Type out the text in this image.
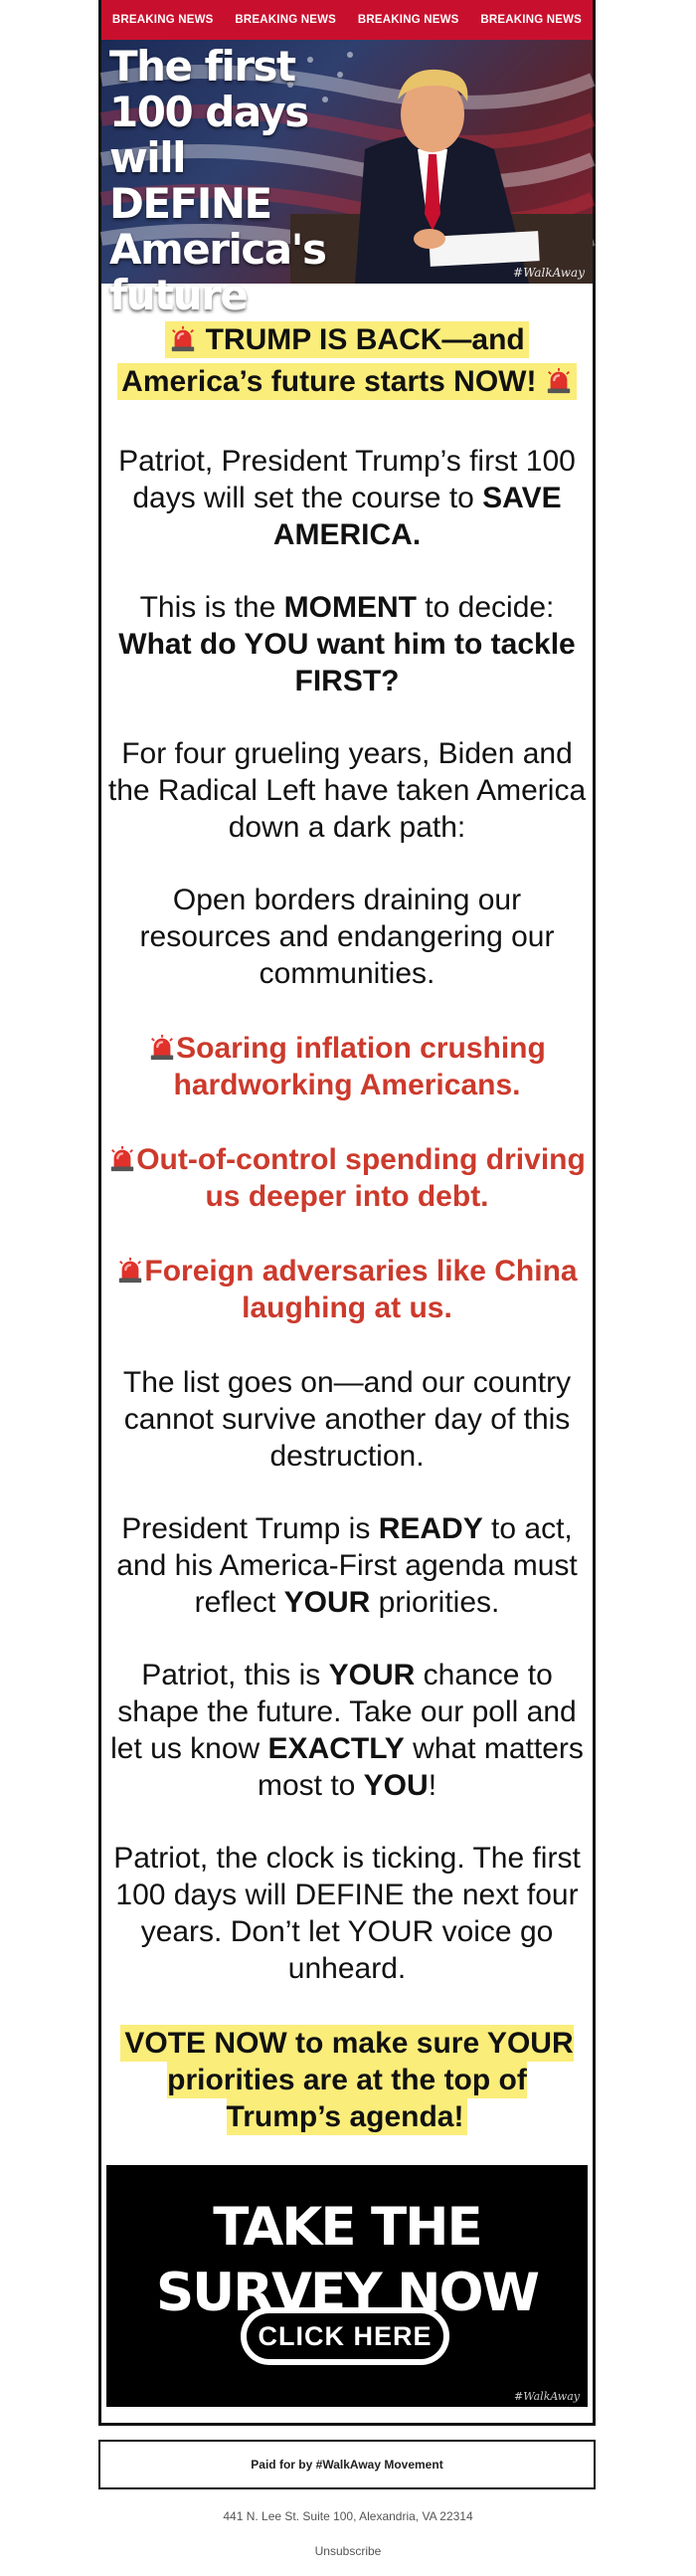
BREAKING NEWS BREAKING NEWS BREAKING NEWS BREAKING NEWS
The first 100 days will DEFINE America's future	#WalkAway
TRUMP IS BACK—and
America’s future starts NOW!

Patriot, President Trump’s first 100 days will set the course to SAVE AMERICA.

This is the MOMENT to decide:
What do YOU want him to tackle FIRST?

For four grueling years, Biden and the Radical Left have taken America down a dark path:

Open borders draining our resources and endangering our communities.

Soaring inflation crushing hardworking Americans.

Out-of-control spending driving us deeper into debt.

Foreign adversaries like China laughing at us.

The list goes on—and our country cannot survive another day of this destruction.

President Trump is READY to act, and his America-First agenda must reflect YOUR priorities.

Patriot, this is YOUR chance to shape the future. Take our poll and let us know EXACTLY what matters most to YOU!

Patriot, the clock is ticking. The first 100 days will DEFINE the next four years. Don’t let YOUR voice go unheard.

VOTE NOW to make sure YOUR priorities are at the top of Trump’s agenda!

TAKE THE SURVEY NOW
CLICK HERE
#WalkAway
Paid for by #WalkAway Movement
441 N. Lee St. Suite 100, Alexandria, VA 22314
Unsubscribe
